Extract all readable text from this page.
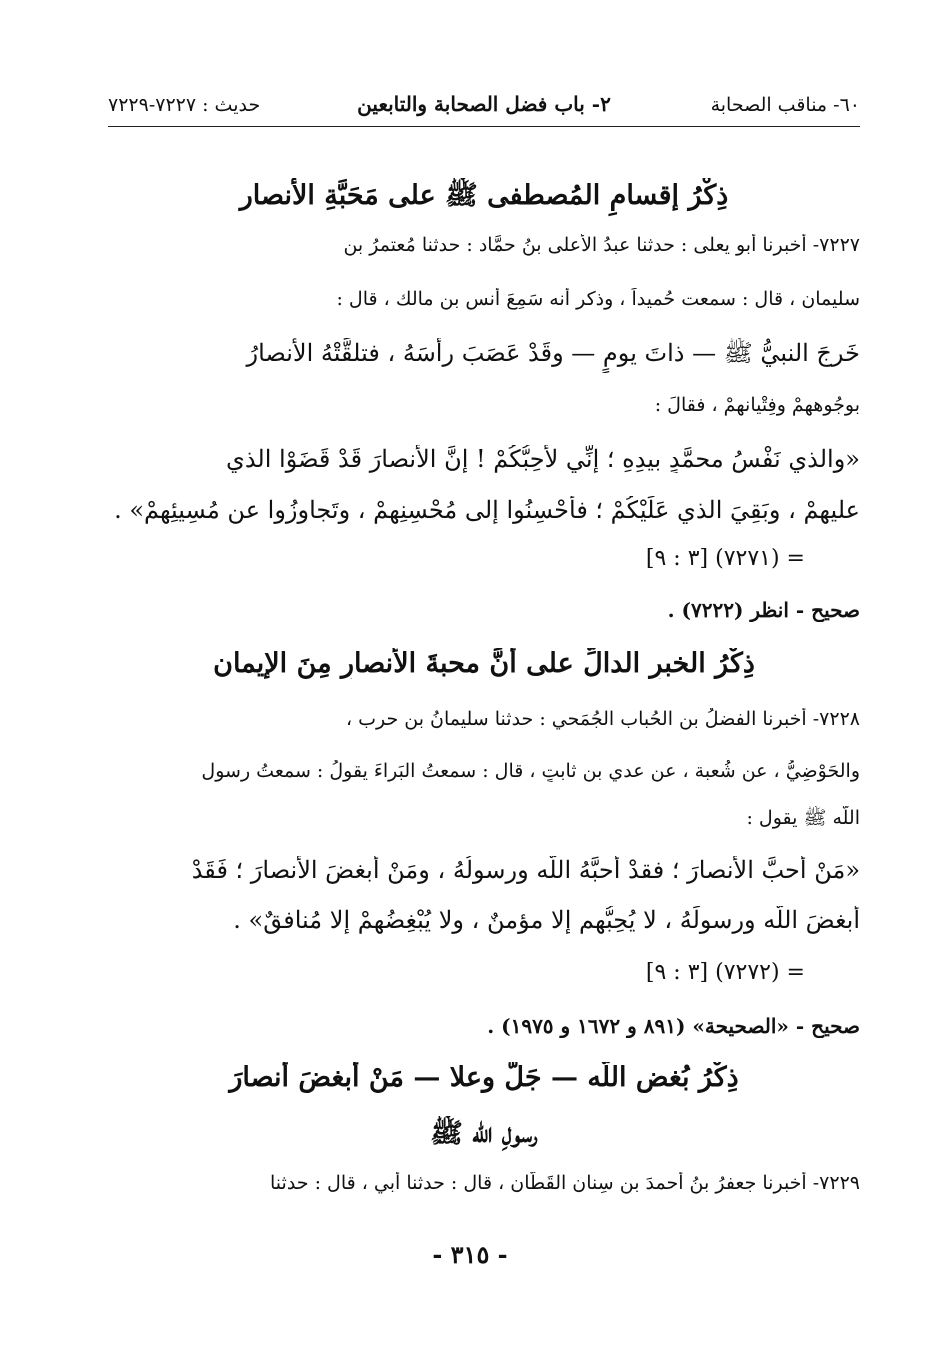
٦٠- مناقب الصحابة
٢- باب فضل الصحابة والتابعين
حديث : ٧٢٢٧-٧٢٢٩
ذِكْرُ إقسامِ المُصطفى ﷺ على مَحَبَّةِ الأنصار
٧٢٢٧- أخبرنا أبو يعلى : حدثنا عبدُ الأعلى بنُ حمَّاد : حدثنا مُعتمرُ بن
سليمان ، قال : سمعت حُميداً ، وذكر أنه سَمِعَ أنس بن مالك ، قال :
خَرجَ النبيُّ ﷺ — ذاتَ يومٍ — وقَدْ عَصَبَ رأسَهُ ، فتلقَّتْهُ الأنصارُ
بوجُوههِمْ وفِتْيانهِمْ ، فقالَ :
«والذي نَفْسُ محمَّدٍ بيدِهِ ؛ إنِّي لأُحِبُّكُمْ ! إنَّ الأنصارَ قَدْ قَضَوْا الذي
عليهِمْ ، وبَقِيَ الذي عَلَيْكُمْ ؛ فأَحْسِنُوا إلى مُحْسِنِهِمْ ، وتَجاوزُوا عن مُسِيئِهِمْ» .
= (٧٢٧١) [٣ : ٩]
صحيح - انظر (٧٢٢٢) .
ذِكْرُ الخبرِ الدالِّ على أنَّ محبةَ الأنصارِ مِنَ الإيمان
٧٢٢٨- أخبرنا الفضلُ بن الحُباب الجُمَحي : حدثنا سليمانُ بن حرب ،
والحَوْضِيُّ ، عن شُعبة ، عن عدي بن ثابتٍ ، قال : سمعتُ البَراءَ يقولُ : سمعتُ رسول
اللّه ﷺ يقول :
«مَنْ أحبَّ الأنصارَ ؛ فقدْ أحبَّهُ اللّه ورسولُهُ ، ومَنْ أبغضَ الأنصارَ ؛ فَقَدْ
أبغضَ اللّه ورسولَهُ ، لا يُحِبُّهم إلا مؤمنٌ ، ولا يُبْغِضُهمْ إلا مُنافقٌ» .
= (٧٢٧٢) [٣ : ٩]
صحيح - «الصحيحة» (٨٩١ و ١٦٧٢ و ١٩٧٥) .
ذِكْرُ بُغضِ اللّه — جَلَّ وعلا — مَنْ أبغضَ أنصارَ
رسولِ اللّه ﷺ
٧٢٢٩- أخبرنا جعفرُ بنُ أحمدَ بن سِنان القَطَّان ، قال : حدثنا أبي ، قال : حدثنا
- ٣١٥ -
